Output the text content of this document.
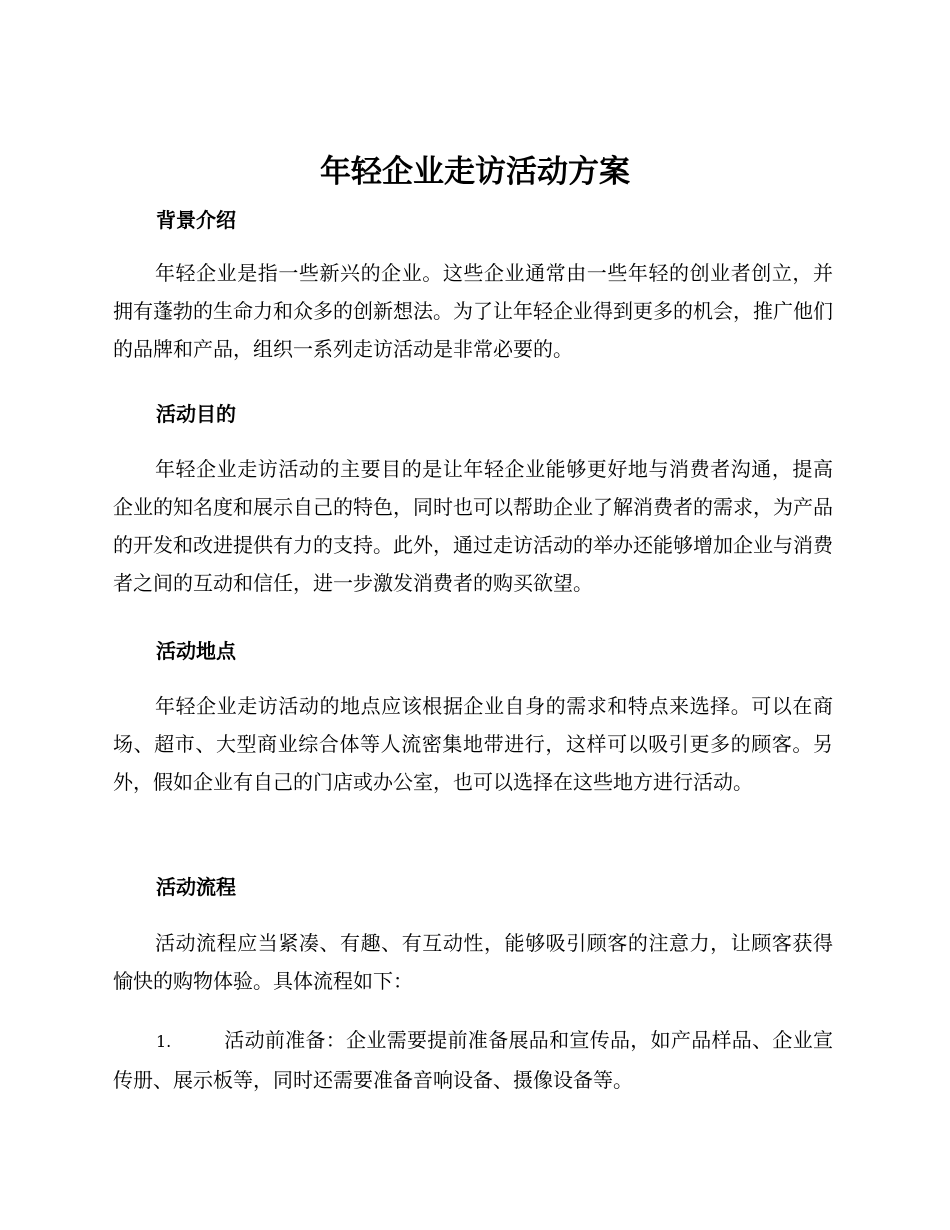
年轻企业走访活动方案
背景介绍

年轻企业是指一些新兴的企业。这些企业通常由一些年轻的创业者创立，并拥有蓬勃的生命力和众多的创新想法。为了让年轻企业得到更多的机会，推广他们的品牌和产品，组织一系列走访活动是非常必要的。

活动目的

年轻企业走访活动的主要目的是让年轻企业能够更好地与消费者沟通，提高企业的知名度和展示自己的特色，同时也可以帮助企业了解消费者的需求，为产品的开发和改进提供有力的支持。此外，通过走访活动的举办还能够增加企业与消费者之间的互动和信任，进一步激发消费者的购买欲望。

活动地点

年轻企业走访活动的地点应该根据企业自身的需求和特点来选择。可以在商场、超市、大型商业综合体等人流密集地带进行，这样可以吸引更多的顾客。另外，假如企业有自己的门店或办公室，也可以选择在这些地方进行活动。

活动流程

活动流程应当紧凑、有趣、有互动性，能够吸引顾客的注意力，让顾客获得愉快的购物体验。具体流程如下：

1.	活动前准备：企业需要提前准备展品和宣传品，如产品样品、企业宣传册、展示板等，同时还需要准备音响设备、摄像设备等。
